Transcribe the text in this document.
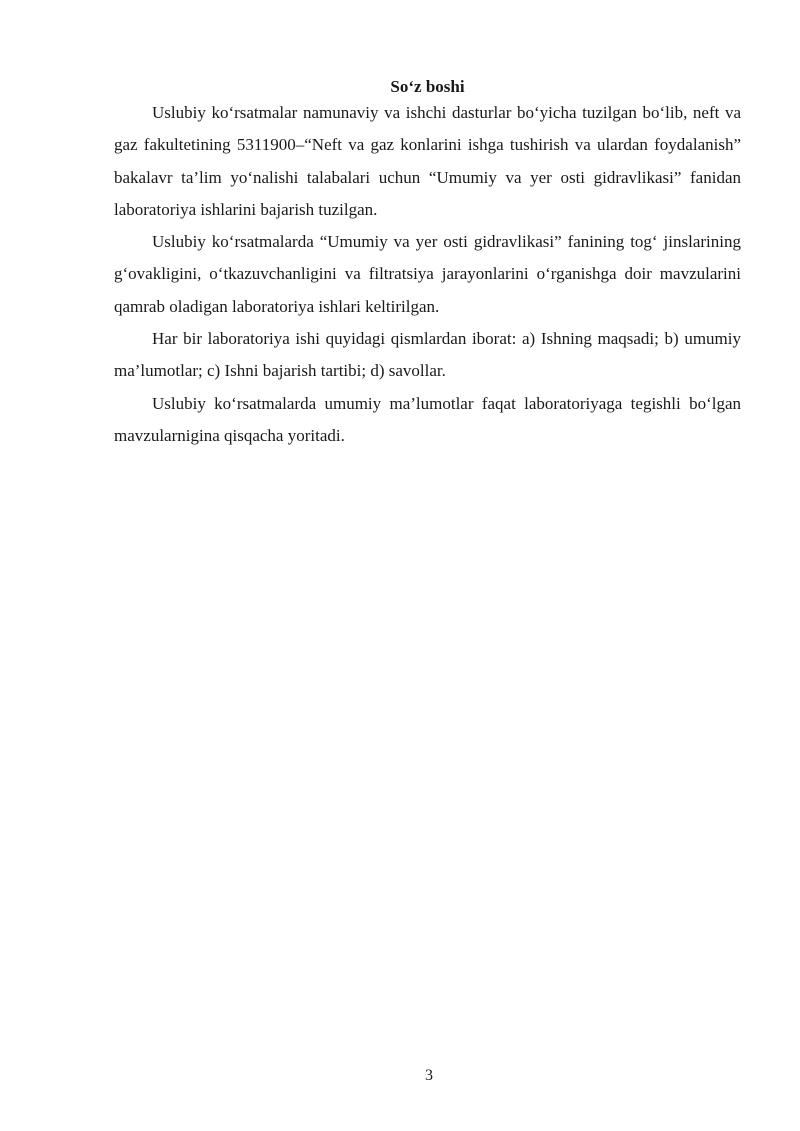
So‘z boshi

Uslubiy ko‘rsatmalar namunaviy va ishchi dasturlar bo‘yicha tuzilgan bo‘lib, neft va gaz fakultetining 5311900–“Neft va gaz konlarini ishga tushirish va ulardan foydalanish” bakalavr ta’lim yo‘nalishi talabalari uchun “Umumiy va yer osti gidravlikasi” fanidan laboratoriya ishlarini bajarish tuzilgan.

Uslubiy ko‘rsatmalarda “Umumiy va yer osti gidravlikasi” fanining tog‘ jinslarining g‘ovakligini, o‘tkazuvchanligini va filtratsiya jarayonlarini o‘rganishga doir mavzularini qamrab oladigan laboratoriya ishlari keltirilgan.

Har bir laboratoriya ishi quyidagi qismlardan iborat: a) Ishning maqsadi; b) umumiy ma’lumotlar; c) Ishni bajarish tartibi; d) savollar.

Uslubiy ko‘rsatmalarda umumiy ma’lumotlar faqat laboratoriyaga tegishli bo‘lgan mavzularnigina qisqacha yoritadi.

3
